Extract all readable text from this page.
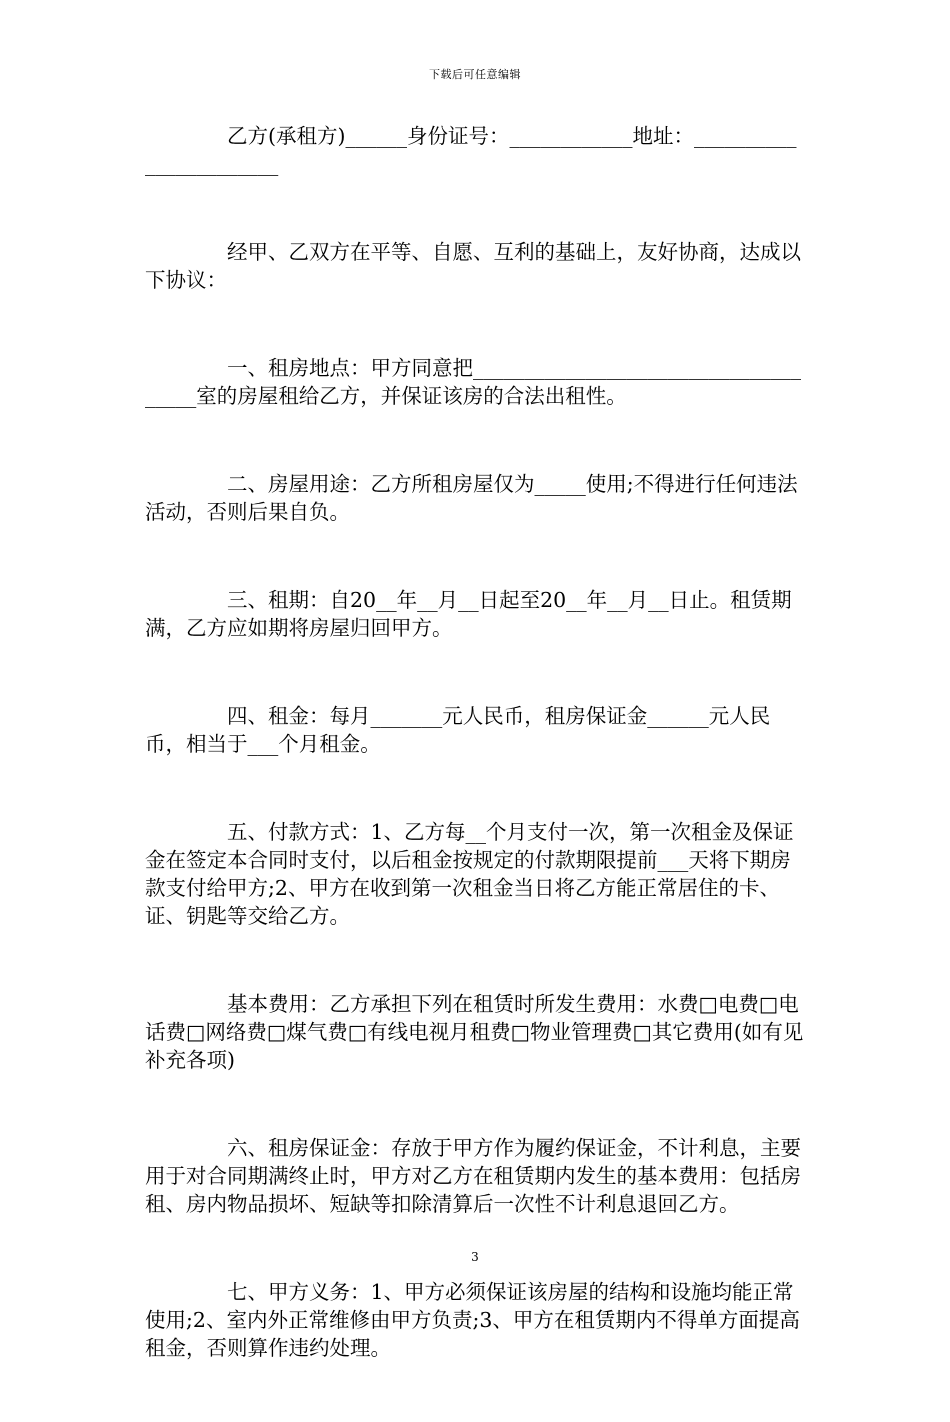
下载后可任意编辑

乙方(承租方)______身份证号：____________地址：_______________________

经甲、乙双方在平等、自愿、互利的基础上，友好协商，达成以下协议：

一、租房地点：甲方同意把_____________________________________室的房屋租给乙方，并保证该房的合法出租性。

二、房屋用途：乙方所租房屋仅为_____使用;不得进行任何违法活动，否则后果自负。

三、租期：自20__年__月__日起至20__年__月__日止。租赁期满，乙方应如期将房屋归回甲方。

四、租金：每月_______元人民币，租房保证金______元人民币，相当于___个月租金。

五、付款方式：1、乙方每__个月支付一次，第一次租金及保证金在签定本合同时支付，以后租金按规定的付款期限提前___天将下期房款支付给甲方;2、甲方在收到第一次租金当日将乙方能正常居住的卡、证、钥匙等交给乙方。

基本费用：乙方承担下列在租赁时所发生费用：水费□电费□电话费□网络费□煤气费□有线电视月租费□物业管理费□其它费用(如有见补充各项)

六、租房保证金：存放于甲方作为履约保证金，不计利息，主要用于对合同期满终止时，甲方对乙方在租赁期内发生的基本费用：包括房租、房内物品损坏、短缺等扣除清算后一次性不计利息退回乙方。

七、甲方义务：1、甲方必须保证该房屋的结构和设施均能正常使用;2、室内外正常维修由甲方负责;3、甲方在租赁期内不得单方面提高租金，否则算作违约处理。

3
